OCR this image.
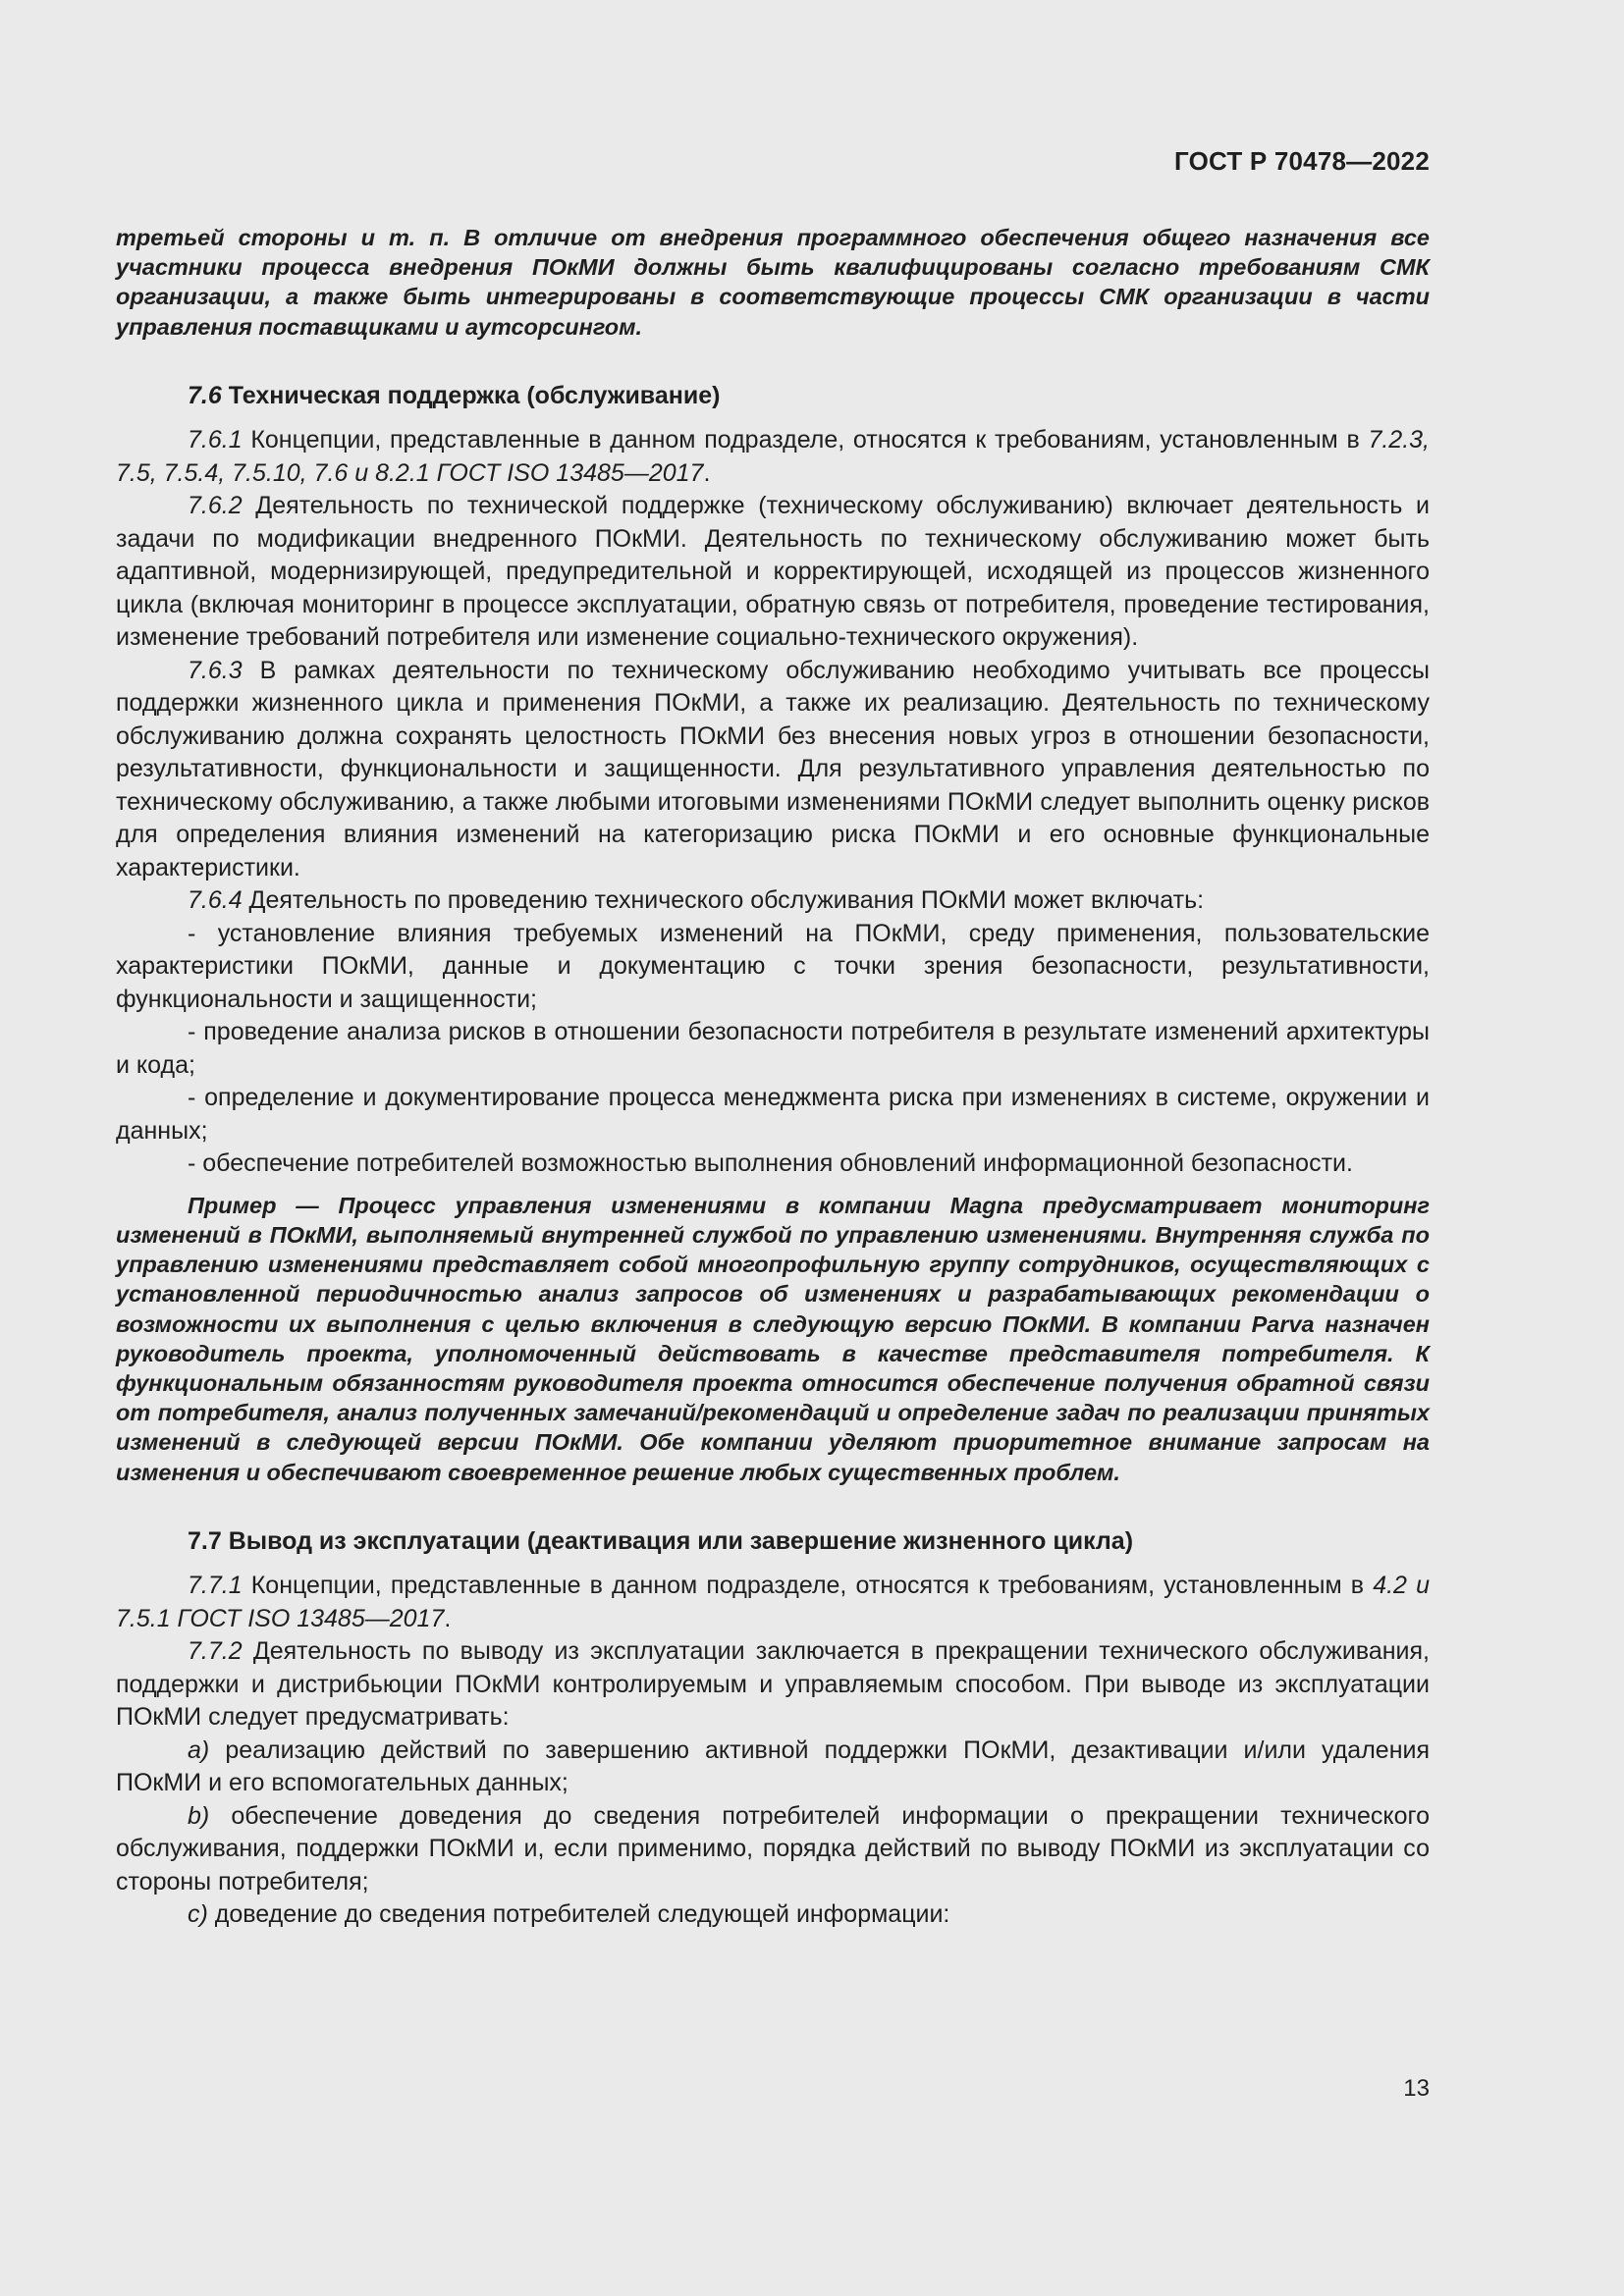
ГОСТ Р 70478—2022

третьей стороны и т. п. В отличие от внедрения программного обеспечения общего назначения все участники процесса внедрения ПОкМИ должны быть квалифицированы согласно требованиям СМК организации, а также быть интегрированы в соответствующие процессы СМК организации в части управления поставщиками и аутсорсингом.

7.6 Техническая поддержка (обслуживание)

7.6.1 Концепции, представленные в данном подразделе, относятся к требованиям, установленным в 7.2.3, 7.5, 7.5.4, 7.5.10, 7.6 и 8.2.1 ГОСТ ISO 13485—2017.

7.6.2 Деятельность по технической поддержке (техническому обслуживанию) включает деятельность и задачи по модификации внедренного ПОкМИ. Деятельность по техническому обслуживанию может быть адаптивной, модернизирующей, предупредительной и корректирующей, исходящей из процессов жизненного цикла (включая мониторинг в процессе эксплуатации, обратную связь от потребителя, проведение тестирования, изменение требований потребителя или изменение социально-технического окружения).

7.6.3 В рамках деятельности по техническому обслуживанию необходимо учитывать все процессы поддержки жизненного цикла и применения ПОкМИ, а также их реализацию. Деятельность по техническому обслуживанию должна сохранять целостность ПОкМИ без внесения новых угроз в отношении безопасности, результативности, функциональности и защищенности. Для результативного управления деятельностью по техническому обслуживанию, а также любыми итоговыми изменениями ПОкМИ следует выполнить оценку рисков для определения влияния изменений на категоризацию риска ПОкМИ и его основные функциональные характеристики.

7.6.4 Деятельность по проведению технического обслуживания ПОкМИ может включать:

- установление влияния требуемых изменений на ПОкМИ, среду применения, пользовательские характеристики ПОкМИ, данные и документацию с точки зрения безопасности, результативности, функциональности и защищенности;

- проведение анализа рисков в отношении безопасности потребителя в результате изменений архитектуры и кода;

- определение и документирование процесса менеджмента риска при изменениях в системе, окружении и данных;

- обеспечение потребителей возможностью выполнения обновлений информационной безопасности.

Пример — Процесс управления изменениями в компании Magna предусматривает мониторинг изменений в ПОкМИ, выполняемый внутренней службой по управлению изменениями. Внутренняя служба по управлению изменениями представляет собой многопрофильную группу сотрудников, осуществляющих с установленной периодичностью анализ запросов об изменениях и разрабатывающих рекомендации о возможности их выполнения с целью включения в следующую версию ПОкМИ. В компании Parva назначен руководитель проекта, уполномоченный действовать в качестве представителя потребителя. К функциональным обязанностям руководителя проекта относится обеспечение получения обратной связи от потребителя, анализ полученных замечаний/рекомендаций и определение задач по реализации принятых изменений в следующей версии ПОкМИ. Обе компании уделяют приоритетное внимание запросам на изменения и обеспечивают своевременное решение любых существенных проблем.

7.7 Вывод из эксплуатации (деактивация или завершение жизненного цикла)

7.7.1 Концепции, представленные в данном подразделе, относятся к требованиям, установленным в 4.2 и 7.5.1 ГОСТ ISO 13485—2017.

7.7.2 Деятельность по выводу из эксплуатации заключается в прекращении технического обслуживания, поддержки и дистрибьюции ПОкМИ контролируемым и управляемым способом. При выводе из эксплуатации ПОкМИ следует предусматривать:

a) реализацию действий по завершению активной поддержки ПОкМИ, дезактивации и/или удаления ПОкМИ и его вспомогательных данных;

b) обеспечение доведения до сведения потребителей информации о прекращении технического обслуживания, поддержки ПОкМИ и, если применимо, порядка действий по выводу ПОкМИ из эксплуатации со стороны потребителя;

c) доведение до сведения потребителей следующей информации:

13
